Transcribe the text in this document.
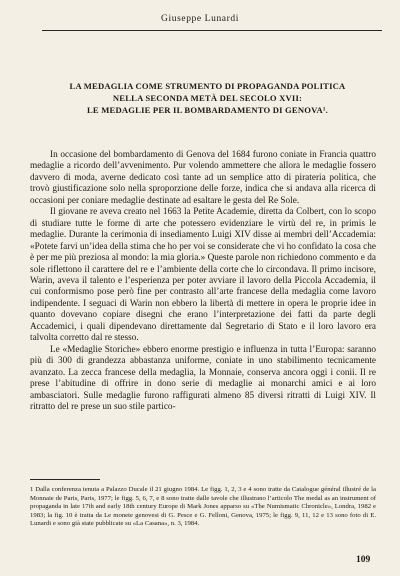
Giuseppe Lunardi
LA MEDAGLIA COME STRUMENTO DI PROPAGANDA POLITICA
NELLA SECONDA METÀ DEL SECOLO XVII:
LE MEDAGLIE PER IL BOMBARDAMENTO DI GENOVA¹.

In occasione del bombardamento di Genova del 1684 furono coniate in Francia quattro medaglie a ricordo dell’avvenimento. Pur volendo ammettere che allora le medaglie fossero davvero di moda, averne dedicato così tante ad un semplice atto di pirateria politica, che trovò giustificazione solo nella sproporzione delle forze, indica che si andava alla ricerca di occasioni per coniare medaglie destinate ad esaltare le gesta del Re Sole.

Il giovane re aveva creato nel 1663 la Petite Academie, diretta da Colbert, con lo scopo di studiare tutte le forme di arte che potessero evidenziare le virtù del re, in primis le medaglie. Durante la cerimonia di insediamento Luigi XIV disse ai membri dell’Accademia: «Potete farvi un’idea della stima che ho per voi se considerate che vi ho confidato la cosa che è per me più preziosa al mondo: la mia gloria.» Queste parole non richiedono commento e da sole riflettono il carattere del re e l’ambiente della corte che lo circondava. Il primo incisore, Warin, aveva il talento e l’esperienza per poter avviare il lavoro della Piccola Accademia, il cui conformismo pose però fine per contrasto all’arte francese della medaglia come lavoro indipendente. I seguaci di Warin non ebbero la libertà di mettere in opera le proprie idee in quanto dovevano copiare disegni che erano l’interpretazione dei fatti da parte degli Accademici, i quali dipendevano direttamente dal Segretario di Stato e il loro lavoro era talvolta corretto dal re stesso.

Le «Medaglie Storiche» ebbero enorme prestigio e influenza in tutta l’Europa: saranno più di 300 di grandezza abbastanza uniforme, coniate in uno stabilimento tecnicamente avanzato. La zecca francese della medaglia, la Monnaie, conserva ancora oggi i conii. Il re prese l’abitudine di offrire in dono serie di medaglie ai monarchi amici e ai loro ambasciatori. Sulle medaglie furono raffigurati almeno 85 diversi ritratti di Luigi XIV. Il ritratto del re prese un suo stile partico-

1 Dalla conferenza tenuta a Palazzo Ducale il 21 giugno 1984. Le figg. 1, 2, 3 e 4 sono tratte da Catalogue général illustré de la Monnaie de Paris, Paris, 1977; le figg. 5, 6, 7, e 8 sono tratte dalle tavole che illustrano l’articolo The medal as an instrument of propaganda in late 17th and early 18th century Europe di Mark Jones apparso su «The Numismatic Chronicle», Londra, 1982 e 1983; la fig. 10 è tratta da Le monete genovesi di G. Pesce e G. Felloni, Genova, 1975; le figg. 9, 11, 12 e 13 sono foto di E. Lunardi e sono già state pubblicate su «La Casana», n. 3, 1984.
109
